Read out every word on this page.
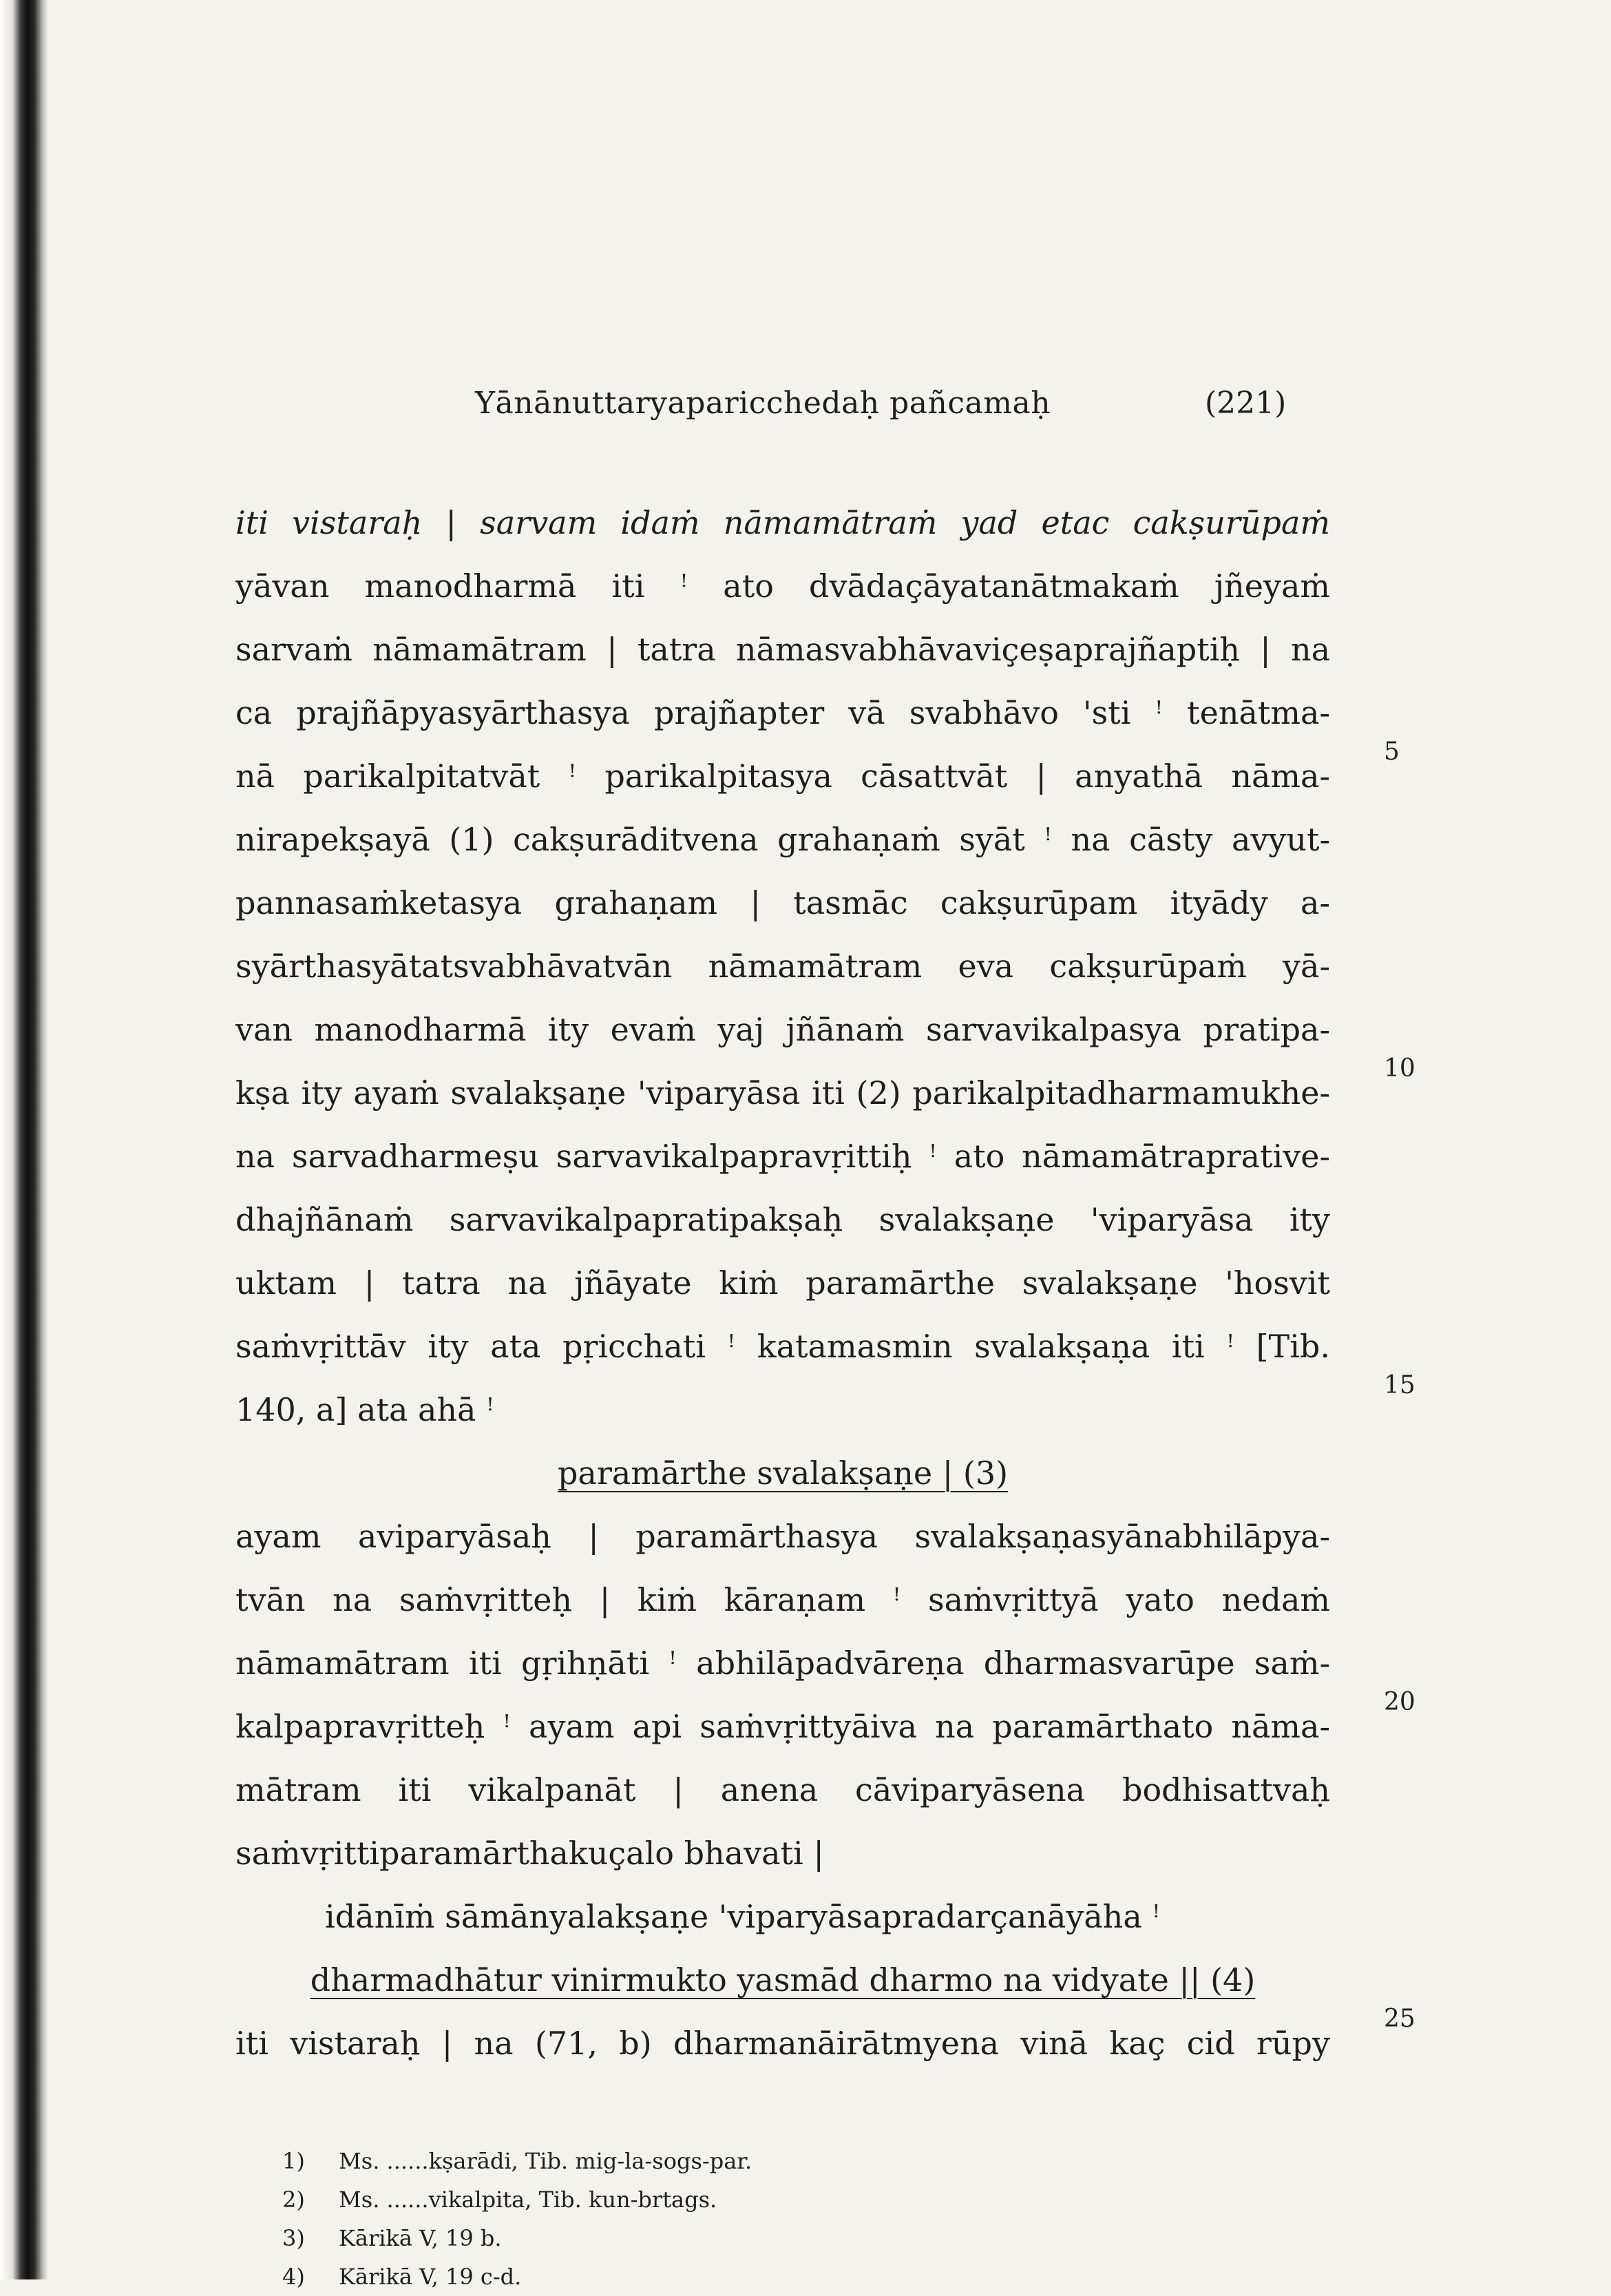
Yānānuttaryaparicchedaḥ pañcamaḥ	(221)
iti vistaraḥ | sarvam idaṁ nāmamātraṁ yad etac cakṣurūpaṁ
yāvan manodharmā iti ꜝ ato dvādaçāyatanātmakaṁ jñeyaṁ
sarvaṁ nāmamātram | tatra nāmasvabhāvaviçeṣaprajñaptiḥ | na
ca prajñāpyasyārthasya prajñapter vā svabhāvo 'sti ꜝ tenātma-
nā parikalpitatvāt ꜝ parikalpitasya cāsattvāt | anyathā nāma-
nirapekṣayā (1) cakṣurāditvena grahaṇaṁ syāt ꜝ na cāsty avyut-
pannasaṁketasya grahaṇam | tasmāc cakṣurūpam ityādy a-
syārthasyātatsvabhāvatvān nāmamātram eva cakṣurūpaṁ yā-
van manodharmā ity evaṁ yaj jñānaṁ sarvavikalpasya pratipa-
kṣa ity ayaṁ svalakṣaṇe 'viparyāsa iti (2) parikalpitadharmamukhe-
na sarvadharmeṣu sarvavikalpapravṛittiḥ ꜝ ato nāmamātraprative-
dhajñānaṁ sarvavikalpapratipakṣaḥ svalakṣaṇe 'viparyāsa ity
uktam | tatra na jñāyate kiṁ paramārthe svalakṣaṇe 'hosvit
saṁvṛittāv ity ata pṛicchati ꜝ katamasmin svalakṣaṇa iti ꜝ [Tib.
140, a] ata ahā ꜝ
paramārthe svalakṣaṇe | (3)
ayam aviparyāsaḥ | paramārthasya svalakṣaṇasyānabhilāpya-
tvān na saṁvṛitteḥ | kiṁ kāraṇam ꜝ saṁvṛittyā yato nedaṁ
nāmamātram iti gṛihṇāti ꜝ abhilāpadvāreṇa dharmasvarūpe saṁ-
kalpapravṛitteḥ ꜝ ayam api saṁvṛittyāiva na paramārthato nāma-
mātram iti vikalpanāt | anena cāviparyāsena bodhisattvaḥ
saṁvṛittiparamārthakuçalo bhavati |
idānīṁ sāmānyalakṣaṇe 'viparyāsapradarçanāyāha ꜝ
dharmadhātur vinirmukto yasmād dharmo na vidyate || (4)
iti vistaraḥ | na (71, b) dharmanāirātmyena vinā kaç cid rūpy
5
10
15
20
25
1) Ms. ......kṣarādi, Tib. mig-la-sogs-par.
2) Ms. ......vikalpita, Tib. kun-brtags.
3) Kārikā V, 19 b.
4) Kārikā V, 19 c-d.
